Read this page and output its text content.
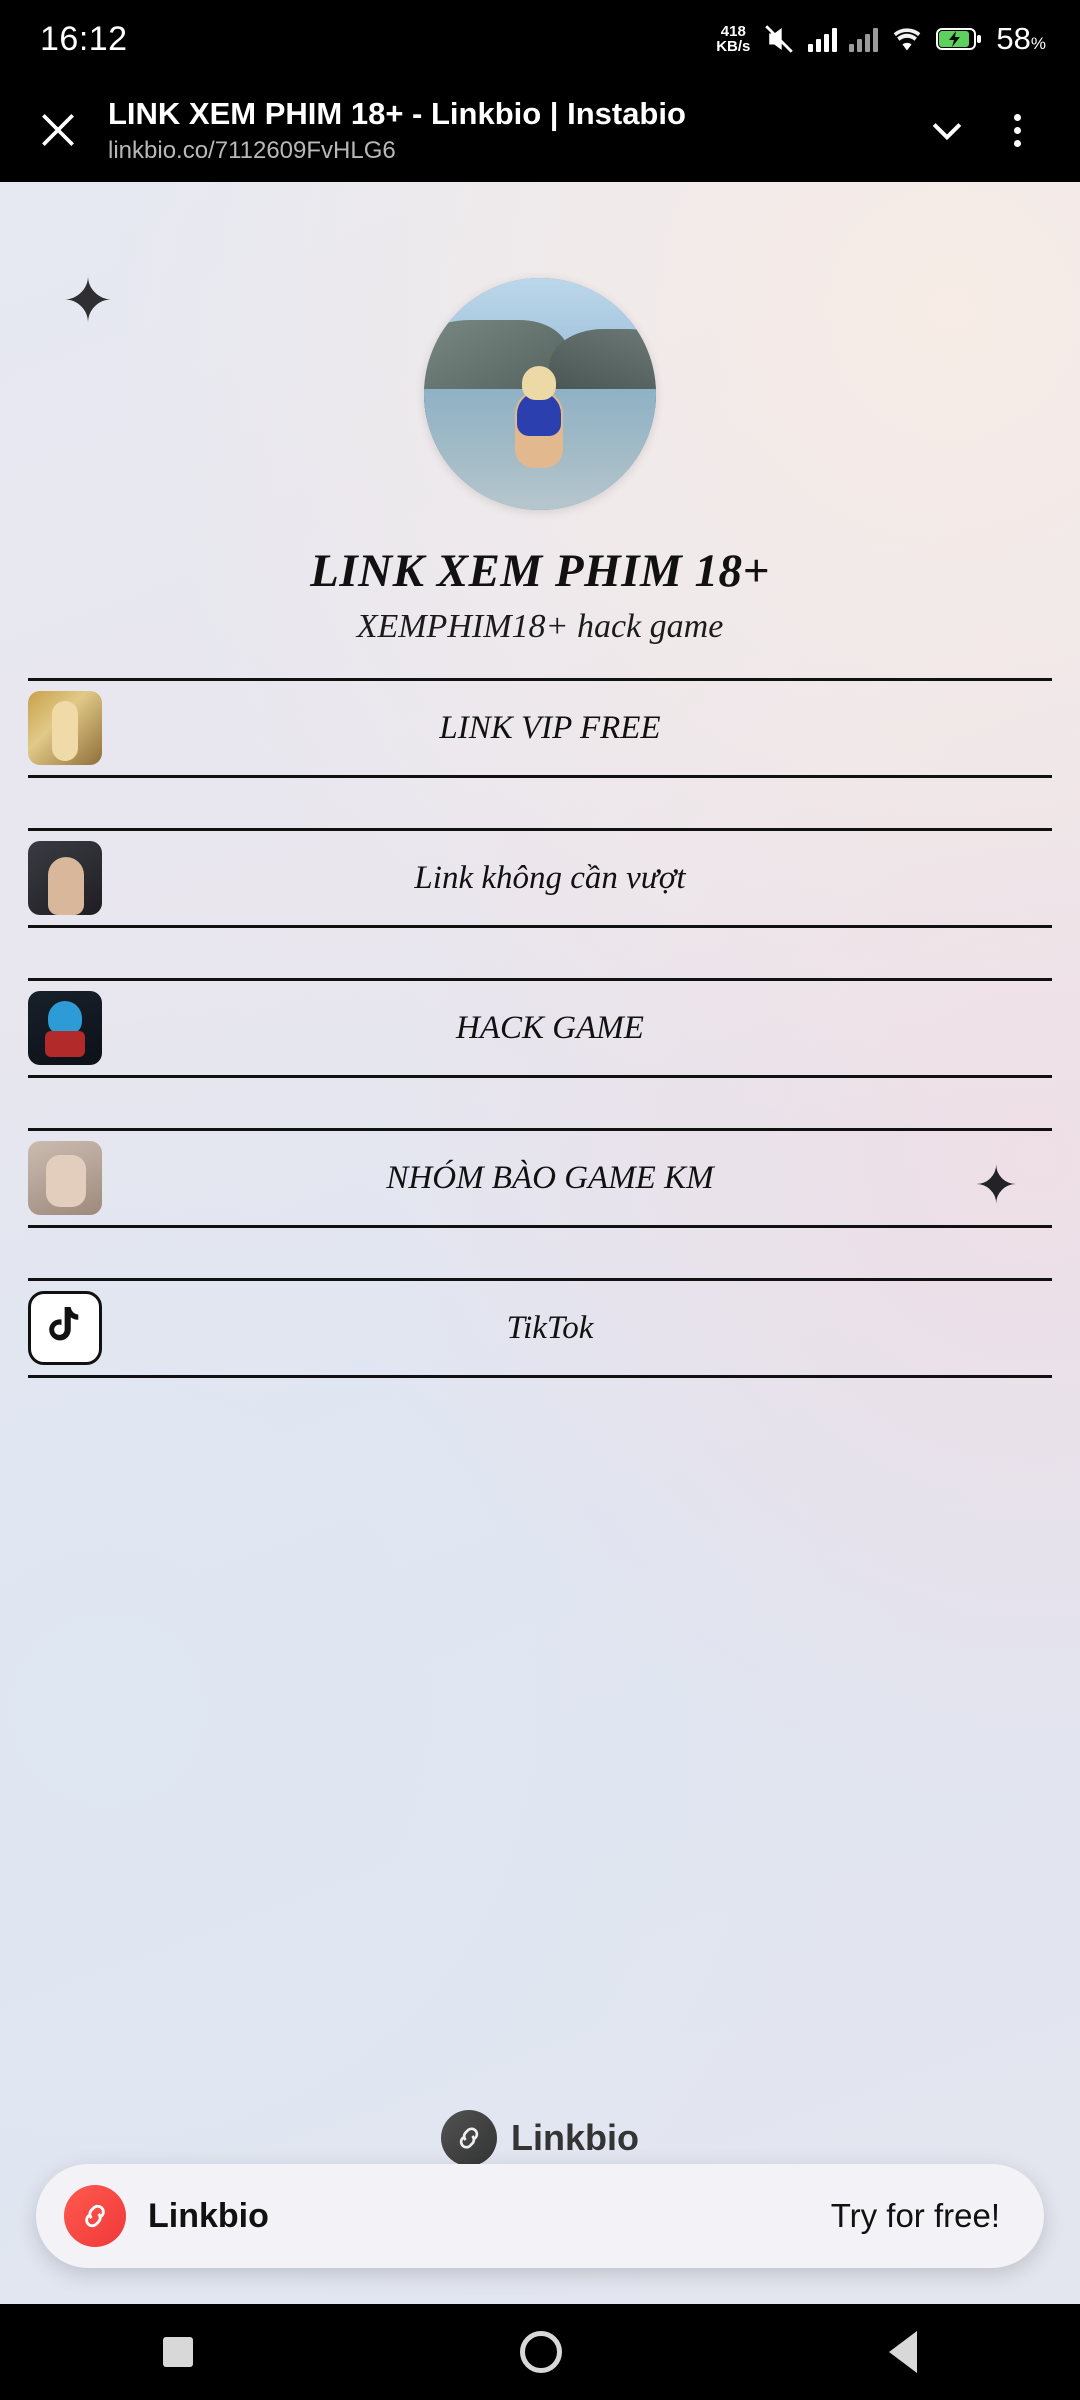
16:12	418
KB/s	58%
LINK XEM PHIM 18+ - Linkbio | Instabio
linkbio.co/7112609FvHLG6
✦
✦
LINK XEM PHIM 18+
XEMPHIM18+ hack game
LINK VIP FREE
Link không cần vượt
HACK GAME
NHÓM BÀO GAME KM
TikTok
Linkbio
Linkbio	Try for free!
